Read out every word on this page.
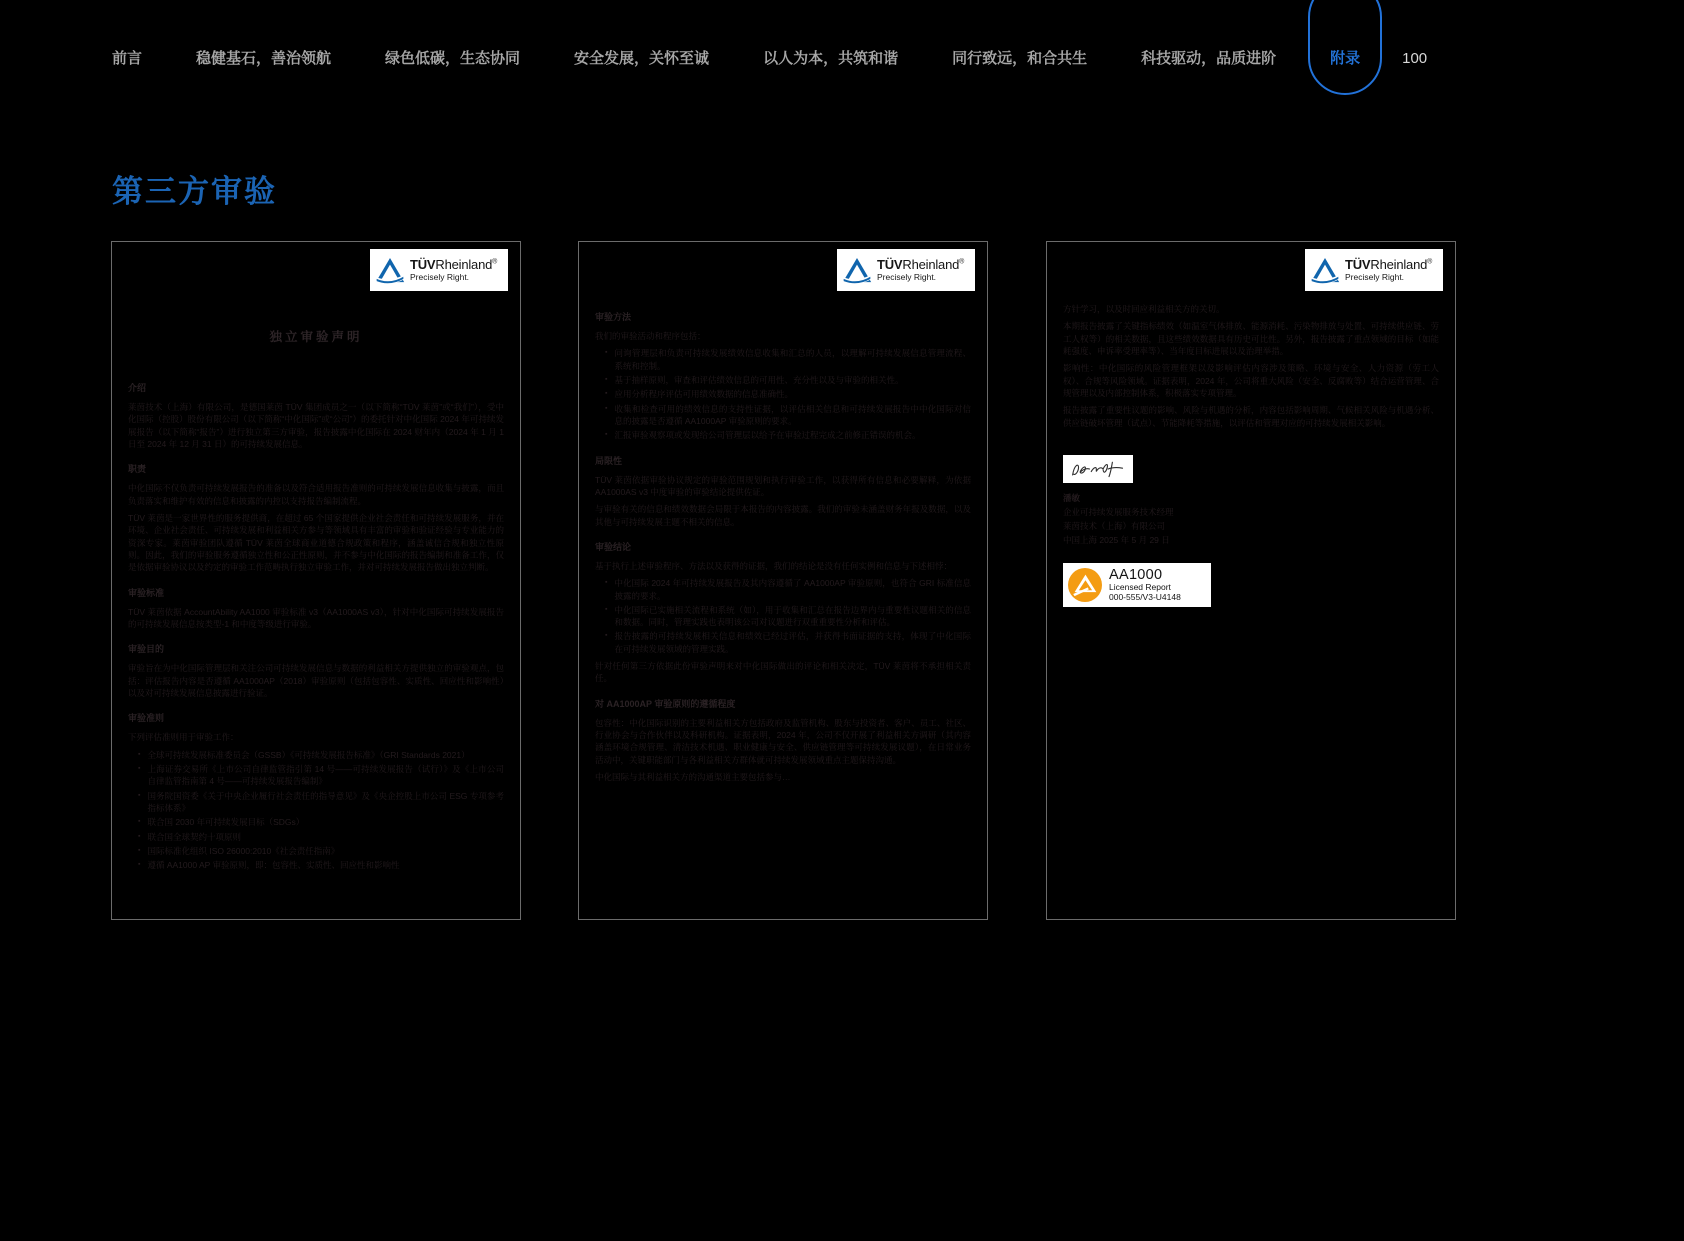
前言	稳健基石，善治领航	绿色低碳，生态协同	安全发展，关怀至诚	以人为本，共筑和谐	同行致远，和合共生	科技驱动，品质进阶	附录	100
第三方审验
TÜVRheinland®
Precisely Right.
独立审验声明
介绍
莱茵技术（上海）有限公司，是德国莱茵 TÜV 集团成员之一（以下简称“TÜV 莱茵”或“我们”），受中化国际（控股）股份有限公司（以下简称“中化国际”或“公司”）的委托针对中化国际 2024 年可持续发展报告（以下简称“报告”）进行独立第三方审验，报告披露中化国际在 2024 财年内（2024 年 1 月 1 日至 2024 年 12 月 31 日）的可持续发展信息。
职责
中化国际不仅负责可持续发展报告的准备以及符合适用报告准则的可持续发展信息收集与披露，而且负责落实和维护有效的信息和披露的内控以支持报告编制流程。
TÜV 莱茵是一家世界性的服务提供商，在超过 65 个国家提供企业社会责任和可持续发展服务，并在环境、企业社会责任、可持续发展和利益相关方参与等领域具有丰富的审验和验证经验与专业能力的资深专家。莱茵审验团队遵循 TÜV 莱茵全球商业道德合规政策和程序，涵盖诚信合规和独立性原则。因此，我们的审验服务遵循独立性和公正性原则，并不参与中化国际的报告编制和准备工作，仅是依据审验协议以及约定的审验工作范畴执行独立审验工作，并对可持续发展报告做出独立判断。
审验标准
TÜV 莱茵依据 AccountAbility AA1000 审验标准 v3（AA1000AS v3），针对中化国际可持续发展报告的可持续发展信息按类型-1 和中度等级进行审验。
审验目的
审验旨在为中化国际管理层和关注公司可持续发展信息与数据的利益相关方提供独立的审验观点，包括：评估报告内容是否遵循 AA1000AP（2018）审验原则（包括包容性、实质性、回应性和影响性）以及对可持续发展信息披露进行验证。
审验准则
下列评估准则用于审验工作：
▪ 全球可持续发展标准委员会（GSSB）《可持续发展报告标准》（GRI Standards 2021）
▪ 上海证券交易所《上市公司自律监管指引第 14 号——可持续发展报告（试行）》及《上市公司自律监管指南第 4 号——可持续发展报告编制》
▪ 国务院国资委《关于中央企业履行社会责任的指导意见》及《央企控股上市公司 ESG 专项参考指标体系》
▪ 联合国 2030 年可持续发展目标（SDGs）
▪ 联合国全球契约十项原则
▪ 国际标准化组织 ISO 26000:2010《社会责任指南》
▪ 遵循 AA1000 AP 审验原则，即：包容性、实质性、回应性和影响性
TÜVRheinland®
Precisely Right.
审验方法
我们的审验活动和程序包括：
▪ 问询管理层和负责可持续发展绩效信息收集和汇总的人员，以理解可持续发展信息管理流程、系统和控制。
▪ 基于抽样原则，审查和评估绩效信息的可用性、充分性以及与审验的相关性。
▪ 应用分析程序评估可用绩效数据的信息准确性。
▪ 收集和检查可用的绩效信息的支持性证据，以评估相关信息和可持续发展报告中中化国际对信息的披露是否遵循 AA1000AP 审验原则的要求。
▪ 汇报审验观察项或发现给公司管理层以给予在审验过程完成之前修正错误的机会。
局限性
TÜV 莱茵依据审验协议规定的审验范围规划和执行审验工作，以获得所有信息和必要解释，为依据 AA1000AS v3 中度审验的审验结论提供佐证。
与审验有关的信息和绩效数据会局限于本报告的内容披露。我们的审验未涵盖财务年报及数据，以及其他与可持续发展主题不相关的信息。
审验结论
基于执行上述审验程序、方法以及获得的证据，我们的结论是没有任何实例和信息与下述相悖：
▪ 中化国际 2024 年可持续发展报告及其内容遵循了 AA1000AP 审验原则，也符合 GRI 标准信息披露的要求。
▪ 中化国际已实施相关流程和系统（如），用于收集和汇总在报告边界内与重要性议题相关的信息和数据。同时，管理实践也表明该公司对议题进行双重重要性分析和评估。
▪ 报告披露的可持续发展相关信息和绩效已经过评估，并获得书面证据的支持，体现了中化国际在可持续发展领域的管理实践。
针对任何第三方依据此份审验声明来对中化国际做出的评论和相关决定，TÜV 莱茵将不承担相关责任。
对 AA1000AP 审验原则的遵循程度
包容性：中化国际识别的主要利益相关方包括政府及监管机构、股东与投资者、客户、员工、社区、行业协会与合作伙伴以及科研机构。证据表明，2024 年，公司不仅开展了利益相关方调研（其内容涵盖环境合规管理、清洁技术机遇、职业健康与安全、供应链管理等可持续发展议题），在日常业务活动中，关键职能部门与各利益相关方群体就可持续发展领域重点主题保持沟通。
中化国际与其利益相关方的沟通渠道主要包括参与…
TÜVRheinland®
Precisely Right.
方针学习，以及时回应利益相关方的关切。
本期报告披露了关键指标绩效（如温室气体排放、能源消耗、污染物排放与处置、可持续供应链、劳工人权等）的相关数据，且这些绩效数据具有历史可比性。另外，报告披露了重点领域的目标（如能耗强度、申诉率受理率等）、当年度目标进展以及治理举措。
影响性：中化国际的风险管理框架以及影响评估内容涉及策略、环境与安全、人力资源（劳工人权）、合规等风险领域。证据表明，2024 年，公司将重大风险（安全、反腐败等）结合运营管理、合规管理以及内部控制体系，积极落实专项管理。
报告披露了重要性议题的影响、风险与机遇的分析，内容包括影响周期、气候相关风险与机遇分析、供应链破坏管理（试点）、节能降耗等措施，以评估和管理对应的可持续发展相关影响。
潘敏
企业可持续发展服务技术经理
莱茵技术（上海）有限公司
中国上海 2025 年 5 月 29 日
AA1000
Licensed Report
000-555/V3-U4148
